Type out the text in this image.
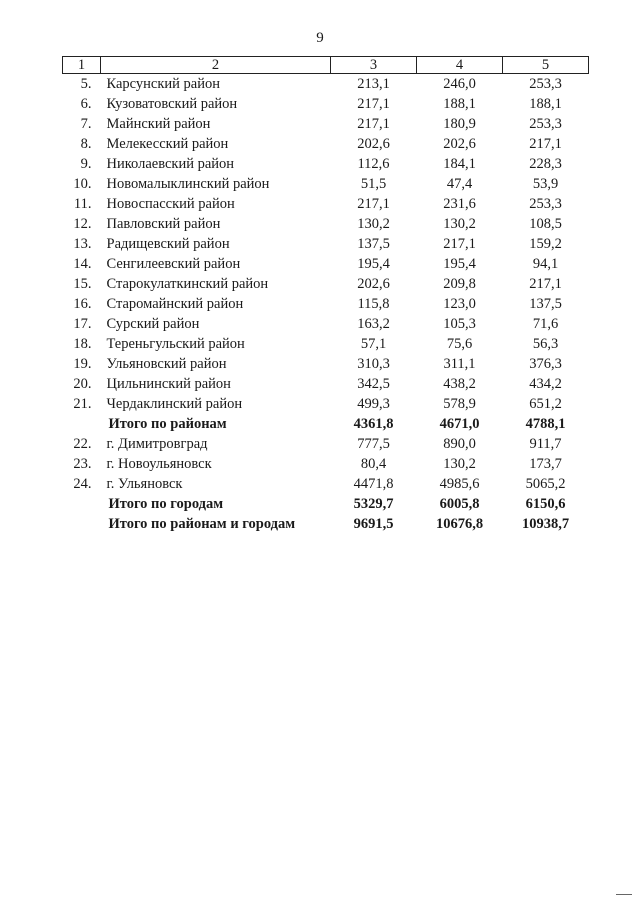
9
1	2	3	4	5
5.	Карсунский район	213,1	246,0	253,3
6.	Кузоватовский район	217,1	188,1	188,1
7.	Майнский район	217,1	180,9	253,3
8.	Мелекесский район	202,6	202,6	217,1
9.	Николаевский район	112,6	184,1	228,3
10.	Новомалыклинский район	51,5	47,4	53,9
11.	Новоспасский район	217,1	231,6	253,3
12.	Павловский район	130,2	130,2	108,5
13.	Радищевский район	137,5	217,1	159,2
14.	Сенгилеевский район	195,4	195,4	94,1
15.	Старокулаткинский район	202,6	209,8	217,1
16.	Старомайнский район	115,8	123,0	137,5
17.	Сурский район	163,2	105,3	71,6
18.	Тереньгульский район	57,1	75,6	56,3
19.	Ульяновский район	310,3	311,1	376,3
20.	Цильнинский район	342,5	438,2	434,2
21.	Чердаклинский район	499,3	578,9	651,2
	Итого по районам	4361,8	4671,0	4788,1
22.	г. Димитровград	777,5	890,0	911,7
23.	г. Новоульяновск	80,4	130,2	173,7
24.	г. Ульяновск	4471,8	4985,6	5065,2
	Итого по городам	5329,7	6005,8	6150,6
	Итого по районам и городам	9691,5	10676,8	10938,7
